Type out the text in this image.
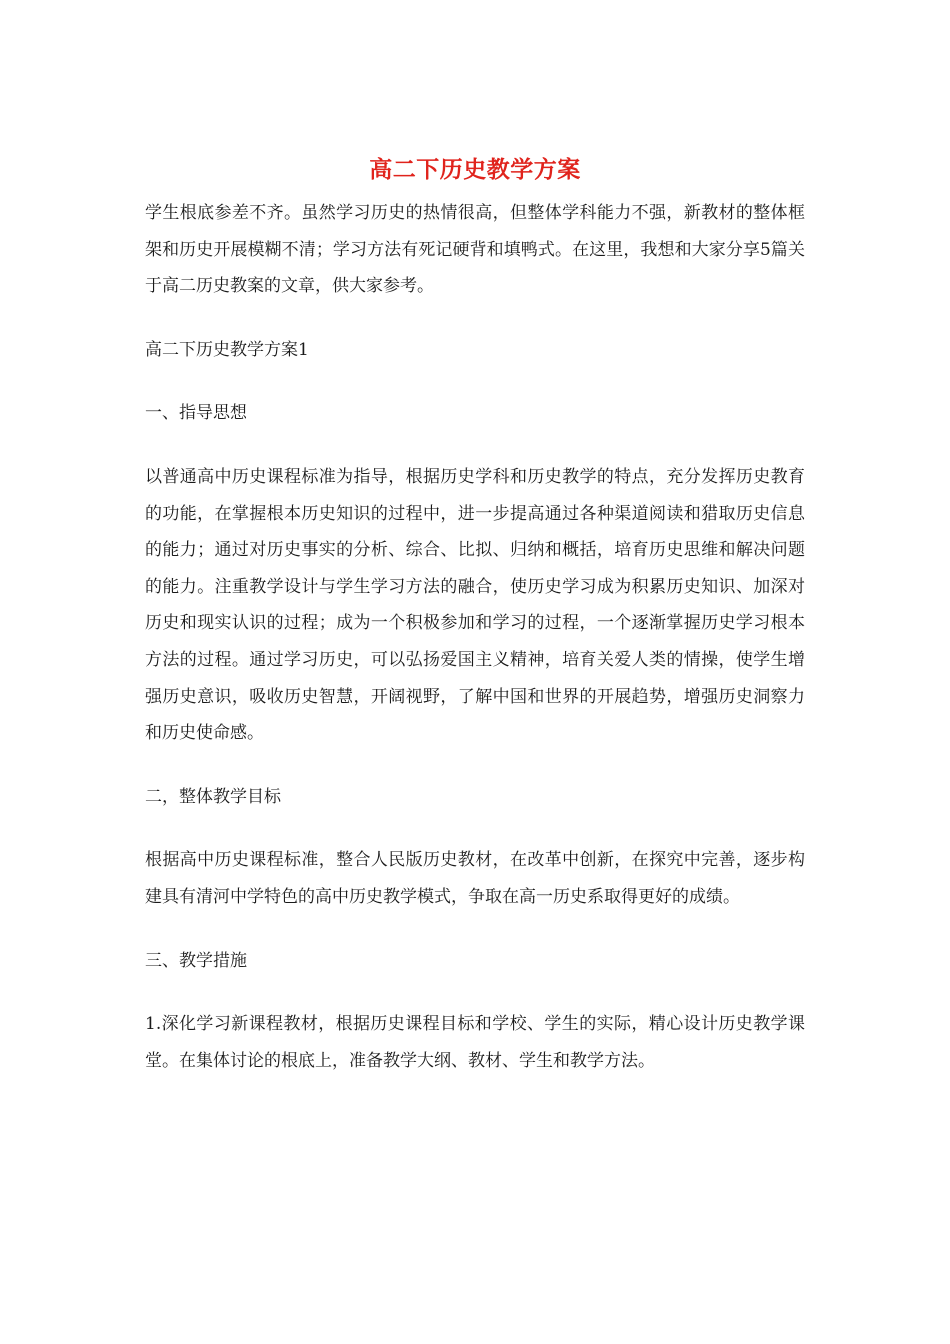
高二下历史教学方案

学生根底参差不齐。虽然学习历史的热情很高，但整体学科能力不强，新教材的整体框架和历史开展模糊不清；学习方法有死记硬背和填鸭式。在这里，我想和大家分享5篇关于高二历史教案的文章，供大家参考。

高二下历史教学方案1

一、指导思想

以普通高中历史课程标准为指导，根据历史学科和历史教学的特点，充分发挥历史教育的功能，在掌握根本历史知识的过程中，进一步提高通过各种渠道阅读和猎取历史信息的能力；通过对历史事实的分析、综合、比拟、归纳和概括，培育历史思维和解决问题的能力。注重教学设计与学生学习方法的融合，使历史学习成为积累历史知识、加深对历史和现实认识的过程；成为一个积极参加和学习的过程，一个逐渐掌握历史学习根本方法的过程。通过学习历史，可以弘扬爱国主义精神，培育关爱人类的情操，使学生增强历史意识，吸收历史智慧，开阔视野，了解中国和世界的开展趋势，增强历史洞察力和历史使命感。

二，整体教学目标

根据高中历史课程标准，整合人民版历史教材，在改革中创新，在探究中完善，逐步构建具有清河中学特色的高中历史教学模式，争取在高一历史系取得更好的成绩。

三、教学措施

1.深化学习新课程教材，根据历史课程目标和学校、学生的实际，精心设计历史教学课堂。在集体讨论的根底上，准备教学大纲、教材、学生和教学方法。
